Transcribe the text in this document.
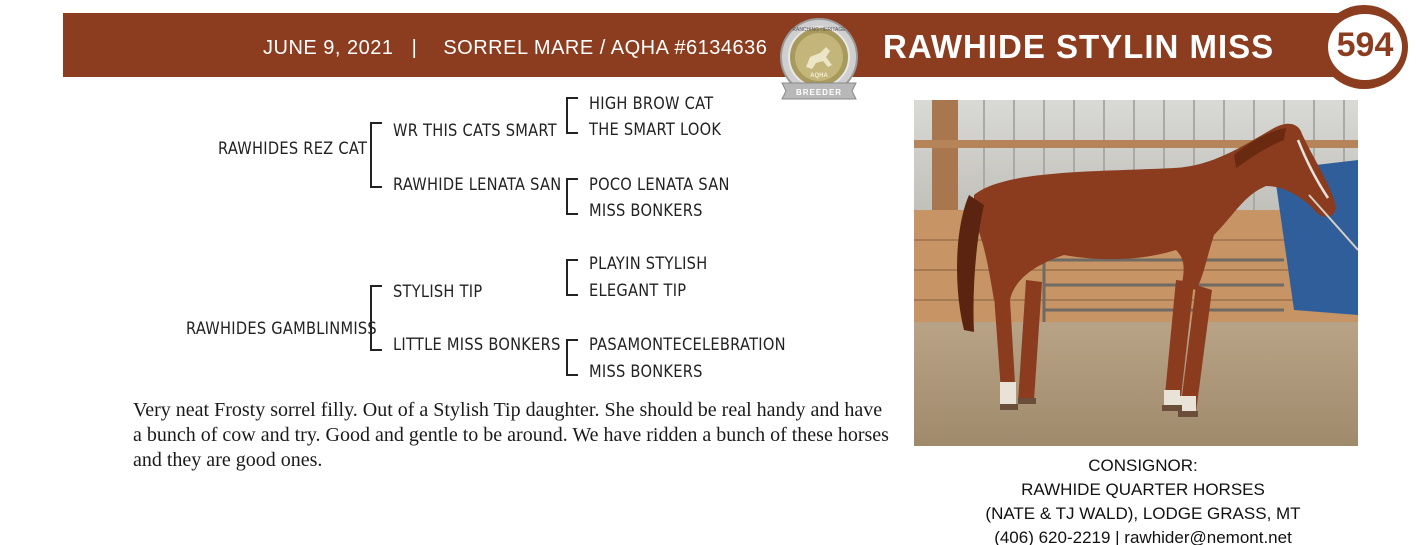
JUNE 9, 2021 | SORREL MARE / AQHA #6134636	RAWHIDE STYLIN MISS 594
RANCHING HERITAGE
AQHA
BREEDER
RAWHIDES REZ CAT
WR THIS CATS SMART
RAWHIDE LENATA SAN
HIGH BROW CAT
THE SMART LOOK
POCO LENATA SAN
MISS BONKERS
RAWHIDES GAMBLINMISS
STYLISH TIP
LITTLE MISS BONKERS
PLAYIN STYLISH
ELEGANT TIP
PASAMONTECELEBRATION
MISS BONKERS
Very neat Frosty sorrel filly. Out of a Stylish Tip daughter. She should be real handy and have a bunch of cow and try. Good and gentle to be around. We have ridden a bunch of these horses and they are good ones.	CONSIGNOR:
RAWHIDE QUARTER HORSES
(NATE & TJ WALD), LODGE GRASS, MT
(406) 620-2219 | rawhider@nemont.net
